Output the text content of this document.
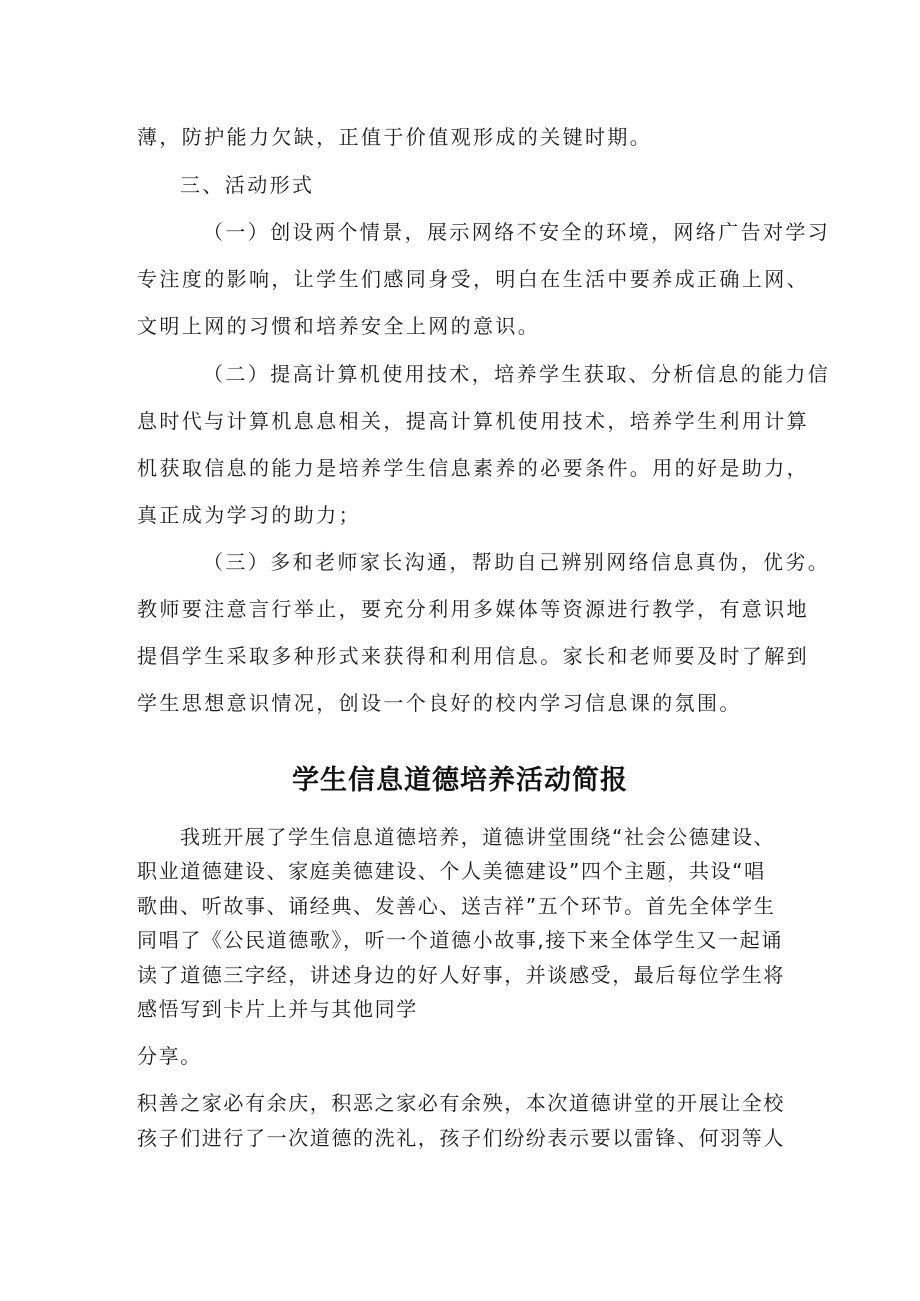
薄，防护能力欠缺，正值于价值观形成的关键时期。

三、活动形式

（一）创设两个情景，展示网络不安全的环境，网络广告对学习

专注度的影响，让学生们感同身受，明白在生活中要养成正确上网、

文明上网的习惯和培养安全上网的意识。

（二）提高计算机使用技术，培养学生获取、分析信息的能力信

息时代与计算机息息相关，提高计算机使用技术，培养学生利用计算

机获取信息的能力是培养学生信息素养的必要条件。用的好是助力，

真正成为学习的助力；

（三）多和老师家长沟通，帮助自己辨别网络信息真伪，优劣。

教师要注意言行举止，要充分利用多媒体等资源进行教学，有意识地

提倡学生采取多种形式来获得和利用信息。家长和老师要及时了解到

学生思想意识情况，创设一个良好的校内学习信息课的氛围。

学生信息道德培养活动简报

我班开展了学生信息道德培养，道德讲堂围绕“社会公德建设、

职业道德建设、家庭美德建设、个人美德建设”四个主题，共设“唱

歌曲、听故事、诵经典、发善心、送吉祥”五个环节。首先全体学生

同唱了《公民道德歌》，听一个道德小故事,接下来全体学生又一起诵

读了道德三字经，讲述身边的好人好事，并谈感受，最后每位学生将

感悟写到卡片上并与其他同学

分享。

积善之家必有余庆，积恶之家必有余殃，本次道德讲堂的开展让全校

孩子们进行了一次道德的洗礼，孩子们纷纷表示要以雷锋、何羽等人
